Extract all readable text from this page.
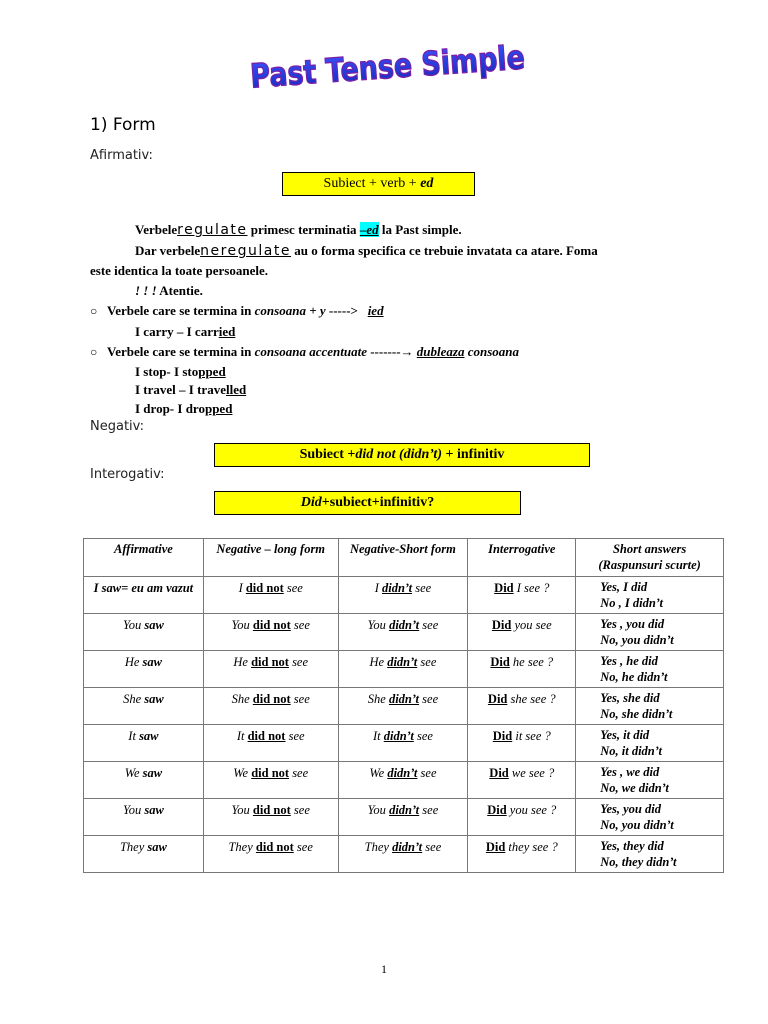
Past Tense Simple
1) Form
Afirmativ:
Subiect + verb + ed
Verbeleregulate primesc terminatia –ed la Past simple.
Dar verbeleneregulate au o forma specifica ce trebuie invatata ca atare. Foma
este identica la toate persoanele.
! ! ! Atentie.
○ Verbele care se termina in consoana + y ----->   ied
I carry – I carried
○ Verbele care se termina in consoana accentuate -------→ dubleaza consoana
I stop- I stopped
I travel – I travelled
I drop- I dropped
Negativ:
Subiect +did not (didn’t) + infinitiv
Interogativ:
Did+subiect+infinitiv?
Affirmative	Negative – long form	Negative-Short form	Interrogative	Short answers (Raspunsuri scurte)
I saw= eu am vazut	I did not see	I didn’t see	Did I see ?	Yes, I did
No , I didn’t

You saw	You did not see	You didn’t see	Did you see	Yes , you did
No, you didn’t

He saw	He did not see	He didn’t see	Did he see ?	Yes , he did
No, he didn’t

She saw	She did not see	She didn’t see	Did she see ?	Yes, she did
No, she didn’t

It saw	It did not see	It didn’t see	Did it see ?	Yes, it did
No, it didn’t

We saw	We did not see	We didn’t see	Did we see ?	Yes , we did
No, we didn’t

You saw	You did not see	You didn’t see	Did you see ?	Yes, you did
No, you didn’t

They saw	They did not see	They didn’t see	Did they see ?	Yes, they did
No, they didn’t
1
